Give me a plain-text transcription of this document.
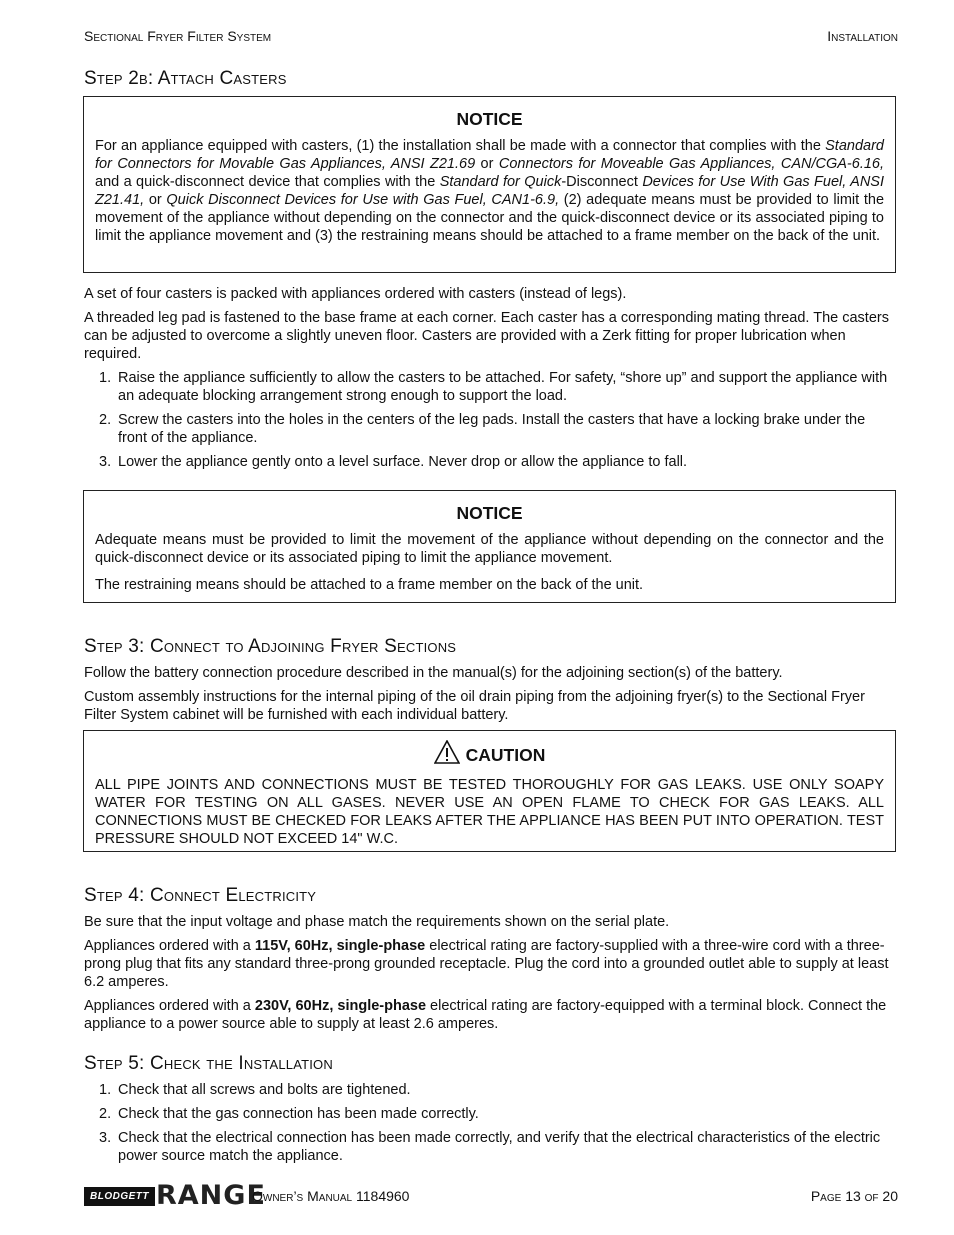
Sectional Fryer Filter System	Installation
Step 2b: Attach Casters
NOTICE

For an appliance equipped with casters, (1) the installation shall be made with a connector that complies with the Standard for Connectors for Movable Gas Appliances, ANSI Z21.69 or Connectors for Moveable Gas Appliances, CAN/CGA-6.16, and a quick-disconnect device that complies with the Standard for Quick-Disconnect Devices for Use With Gas Fuel, ANSI Z21.41, or Quick Disconnect Devices for Use with Gas Fuel, CAN1-6.9, (2) adequate means must be provided to limit the movement of the appliance without depending on the connector and the quick-disconnect device or its associated piping to limit the appliance movement and (3) the restraining means should be attached to a frame member on the back of the unit.

A set of four casters is packed with appliances ordered with casters (instead of legs).

A threaded leg pad is fastened to the base frame at each corner. Each caster has a corresponding mating thread. The casters can be adjusted to overcome a slightly uneven floor. Casters are provided with a Zerk fitting for proper lubrication when required.

1. Raise the appliance sufficiently to allow the casters to be attached. For safety, “shore up” and support the appliance with an adequate blocking arrangement strong enough to support the load.
2. Screw the casters into the holes in the centers of the leg pads. Install the casters that have a locking brake under the front of the appliance.
3. Lower the appliance gently onto a level surface. Never drop or allow the appliance to fall.
NOTICE

Adequate means must be provided to limit the movement of the appliance without depending on the connector and the quick-disconnect device or its associated piping to limit the appliance movement.

The restraining means should be attached to a frame member on the back of the unit.

Step 3: Connect to Adjoining Fryer Sections

Follow the battery connection procedure described in the manual(s) for the adjoining section(s) of the battery.

Custom assembly instructions for the internal piping of the oil drain piping from the adjoining fryer(s) to the Sectional Fryer Filter System cabinet will be furnished with each individual battery.

CAUTION

ALL PIPE JOINTS AND CONNECTIONS MUST BE TESTED THOROUGHLY FOR GAS LEAKS. USE ONLY SOAPY WATER FOR TESTING ON ALL GASES. NEVER USE AN OPEN FLAME TO CHECK FOR GAS LEAKS. ALL CONNECTIONS MUST BE CHECKED FOR LEAKS AFTER THE APPLIANCE HAS BEEN PUT INTO OPERATION. TEST PRESSURE SHOULD NOT EXCEED 14" W.C.

Step 4: Connect Electricity

Be sure that the input voltage and phase match the requirements shown on the serial plate.

Appliances ordered with a 115V, 60Hz, single-phase electrical rating are factory-supplied with a three-wire cord with a three-prong plug that fits any standard three-prong grounded receptacle. Plug the cord into a grounded outlet able to supply at least 6.2 amperes.

Appliances ordered with a 230V, 60Hz, single-phase electrical rating are factory-equipped with a terminal block. Connect the appliance to a power source able to supply at least 2.6 amperes.

Step 5: Check the Installation
1. Check that all screws and bolts are tightened.
2. Check that the gas connection has been made correctly.
3. Check that the electrical connection has been made correctly, and verify that the electrical characteristics of the electric power source match the appliance.
BLODGETT RANGE
Owner’s Manual 1184960	Page 13 of 20
